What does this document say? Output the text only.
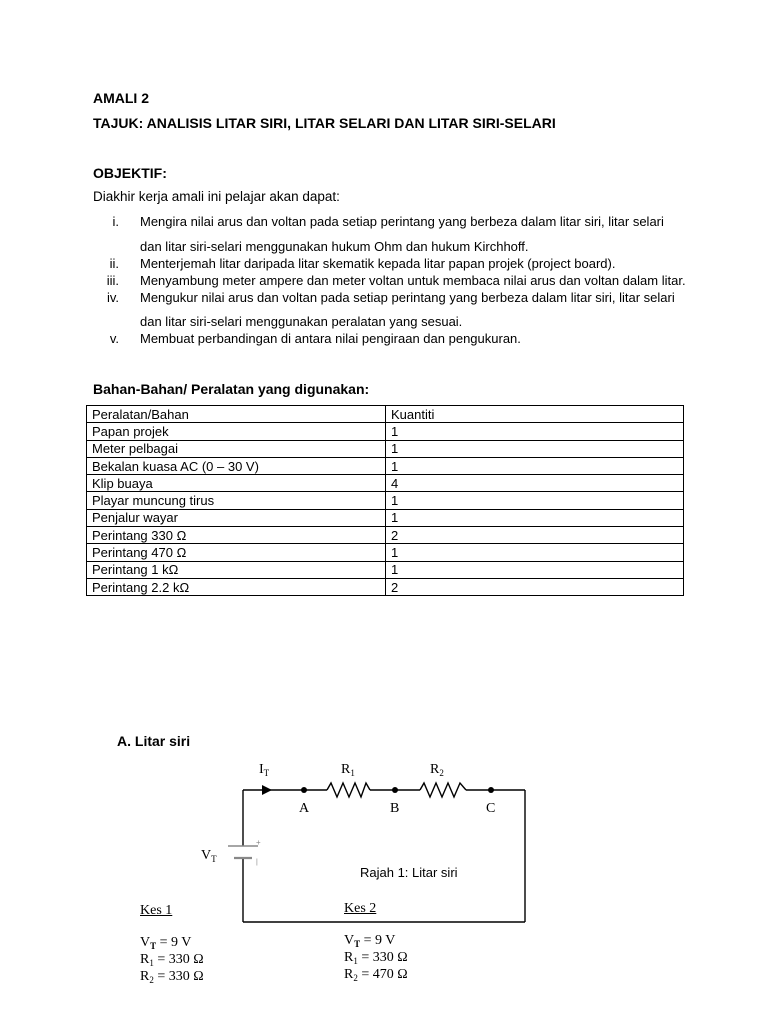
AMALI 2
TAJUK: ANALISIS LITAR SIRI, LITAR SELARI DAN LITAR SIRI-SELARI
OBJEKTIF:
Diakhir kerja amali ini pelajar akan dapat:
i. Mengira nilai arus dan voltan pada setiap perintang yang berbeza dalam litar siri, litar selari
dan litar siri-selari menggunakan hukum Ohm dan hukum Kirchhoff.
ii. Menterjemah litar daripada litar skematik kepada litar papan projek (project board).
iii. Menyambung meter ampere dan meter voltan untuk membaca nilai arus dan voltan dalam litar.
iv. Mengukur nilai arus dan voltan pada setiap perintang yang berbeza dalam litar siri, litar selari
dan litar siri-selari menggunakan peralatan yang sesuai.
v. Membuat perbandingan di antara nilai pengiraan dan pengukuran.
Bahan-Bahan/ Peralatan yang digunakan:
Peralatan/Bahan	Kuantiti
Papan projek	1
Meter pelbagai	1
Bekalan kuasa AC (0 – 30 V)	1
Klip buaya	4
Playar muncung tirus	1
Penjalur wayar	1
Perintang 330 Ω	2
Perintang 470 Ω	1
Perintang 1 kΩ	1
Perintang 2.2 kΩ	2
A. Litar siri
$I_T$	$R_1$	$R_2$
A	B	C
$V_T$
+
|
Rajah 1: Litar siri
Kes 1
$V_T = 9$ V
$R_1 = 330$ Ω
$R_2 = 330$ Ω
Kes 2
$V_T = 9$ V
$R_1 = 330$ Ω
$R_2 = 470$ Ω
